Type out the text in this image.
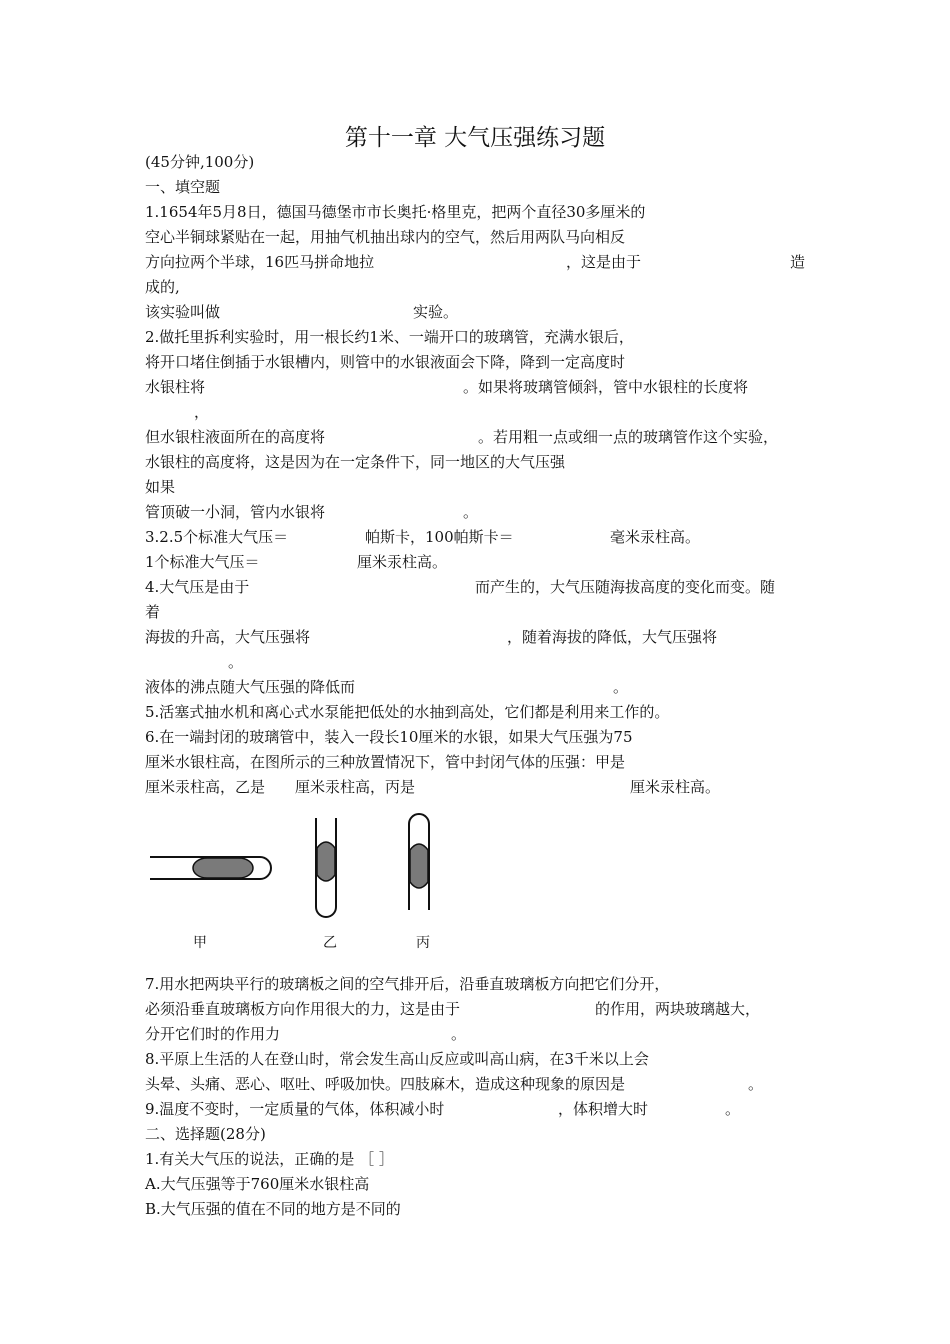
第十一章 大气压强练习题
(45分钟,100分)
一、填空题
1.1654年5月8日，德国马德堡市市长奥托·格里克，把两个直径30多厘米的
空心半铜球紧贴在一起，用抽气机抽出球内的空气，然后用两队马向相反
方向拉两个半球，16匹马拼命地拉	，这是由于	造
成的,
该实验叫做	实验。
2.做托里拆利实验时，用一根长约1米、一端开口的玻璃管，充满水银后，
将开口堵住倒插于水银槽内，则管中的水银液面会下降，降到一定高度时
水银柱将	。如果将玻璃管倾斜，管中水银柱的长度将
，
但水银柱液面所在的高度将	。若用粗一点或细一点的玻璃管作这个实验，
水银柱的高度将，这是因为在一定条件下，同一地区的大气压强
如果
管顶破一小洞，管内水银将	。
3.2.5个标准大气压＝	帕斯卡，100帕斯卡＝	毫米汞柱高。
1个标准大气压＝	厘米汞柱高。
4.大气压是由于	而产生的，大气压随海拔高度的变化而变。随
着
海拔的升高，大气压强将	，随着海拔的降低，大气压强将
。
液体的沸点随大气压强的降低而	。
5.活塞式抽水机和离心式水泵能把低处的水抽到高处，它们都是利用来工作的。
6.在一端封闭的玻璃管中，装入一段长10厘米的水银，如果大气压强为75
厘米水银柱高，在图所示的三种放置情况下，管中封闭气体的压强：甲是
厘米汞柱高，乙是 厘米汞柱高，丙是	厘米汞柱高。
甲	乙	丙
7.用水把两块平行的玻璃板之间的空气排开后，沿垂直玻璃板方向把它们分开，
必须沿垂直玻璃板方向作用很大的力，这是由于	的作用，两块玻璃越大，
分开它们时的作用力	。
8.平原上生活的人在登山时，常会发生高山反应或叫高山病，在3千米以上会
头晕、头痛、恶心、呕吐、呼吸加快。四肢麻木，造成这种现象的原因是	。
9.温度不变时，一定质量的气体，体积减小时	，体积增大时	。
二、选择题(28分)
1.有关大气压的说法，正确的是 ［ ］
A.大气压强等于760厘米水银柱高
B.大气压强的值在不同的地方是不同的
